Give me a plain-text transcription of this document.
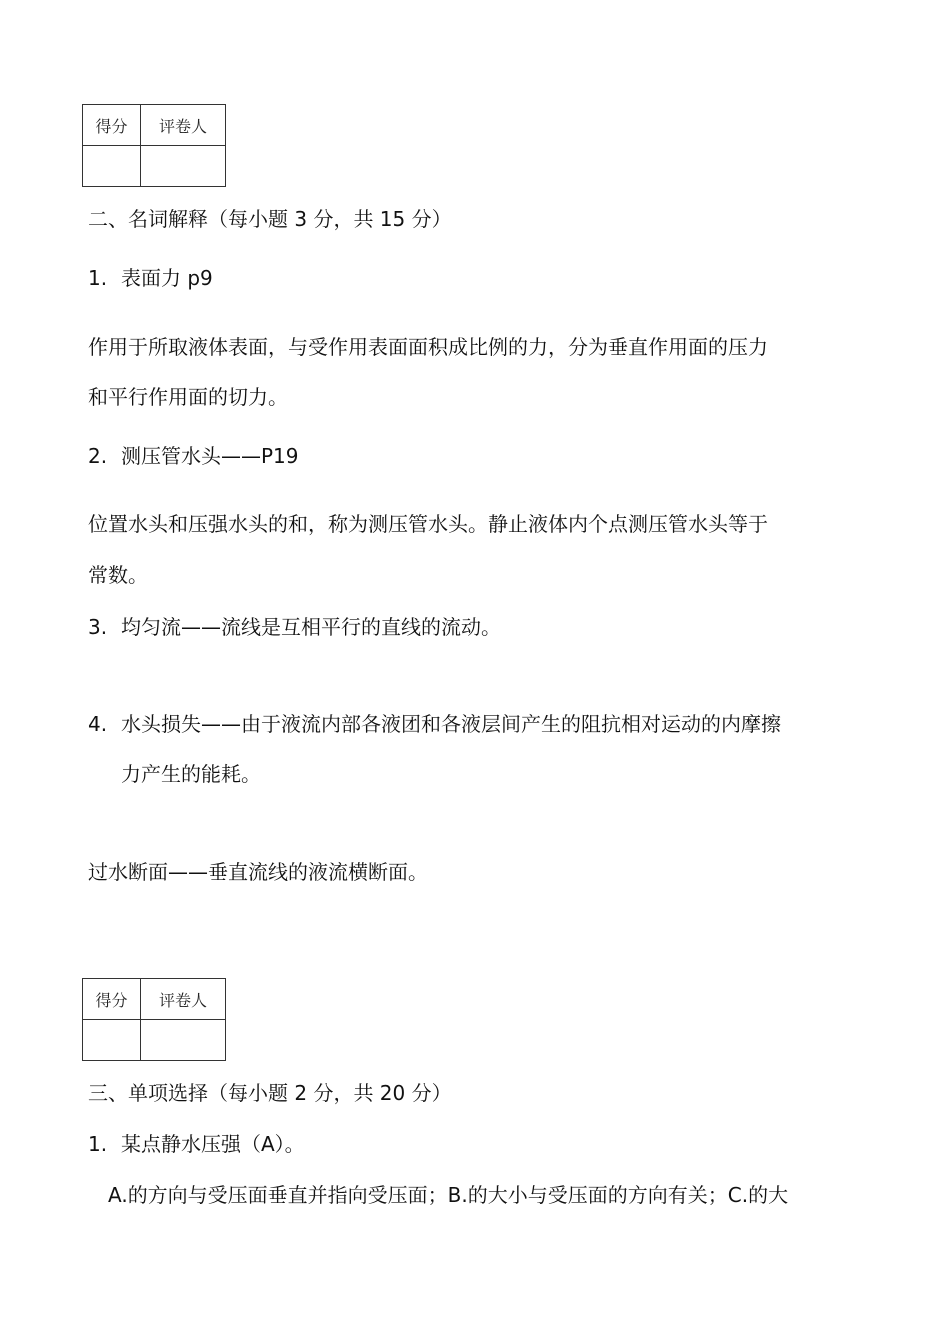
得分	评卷人

二、名词解释（每小题 3 分，共 15 分）
1. 表面力 p9
作用于所取液体表面，与受作用表面面积成比例的力，分为垂直作用面的压力
和平行作用面的切力。
2. 测压管水头——P19
位置水头和压强水头的和，称为测压管水头。静止液体内个点测压管水头等于
常数。
3. 均匀流——流线是互相平行的直线的流动。
4. 水头损失——由于液流内部各液团和各液层间产生的阻抗相对运动的内摩擦
力产生的能耗。
过水断面——垂直流线的液流横断面。
得分	评卷人

三、单项选择（每小题 2 分，共 20 分）
1. 某点静水压强（A）。
A.的方向与受压面垂直并指向受压面；B.的大小与受压面的方向有关；C.的大
